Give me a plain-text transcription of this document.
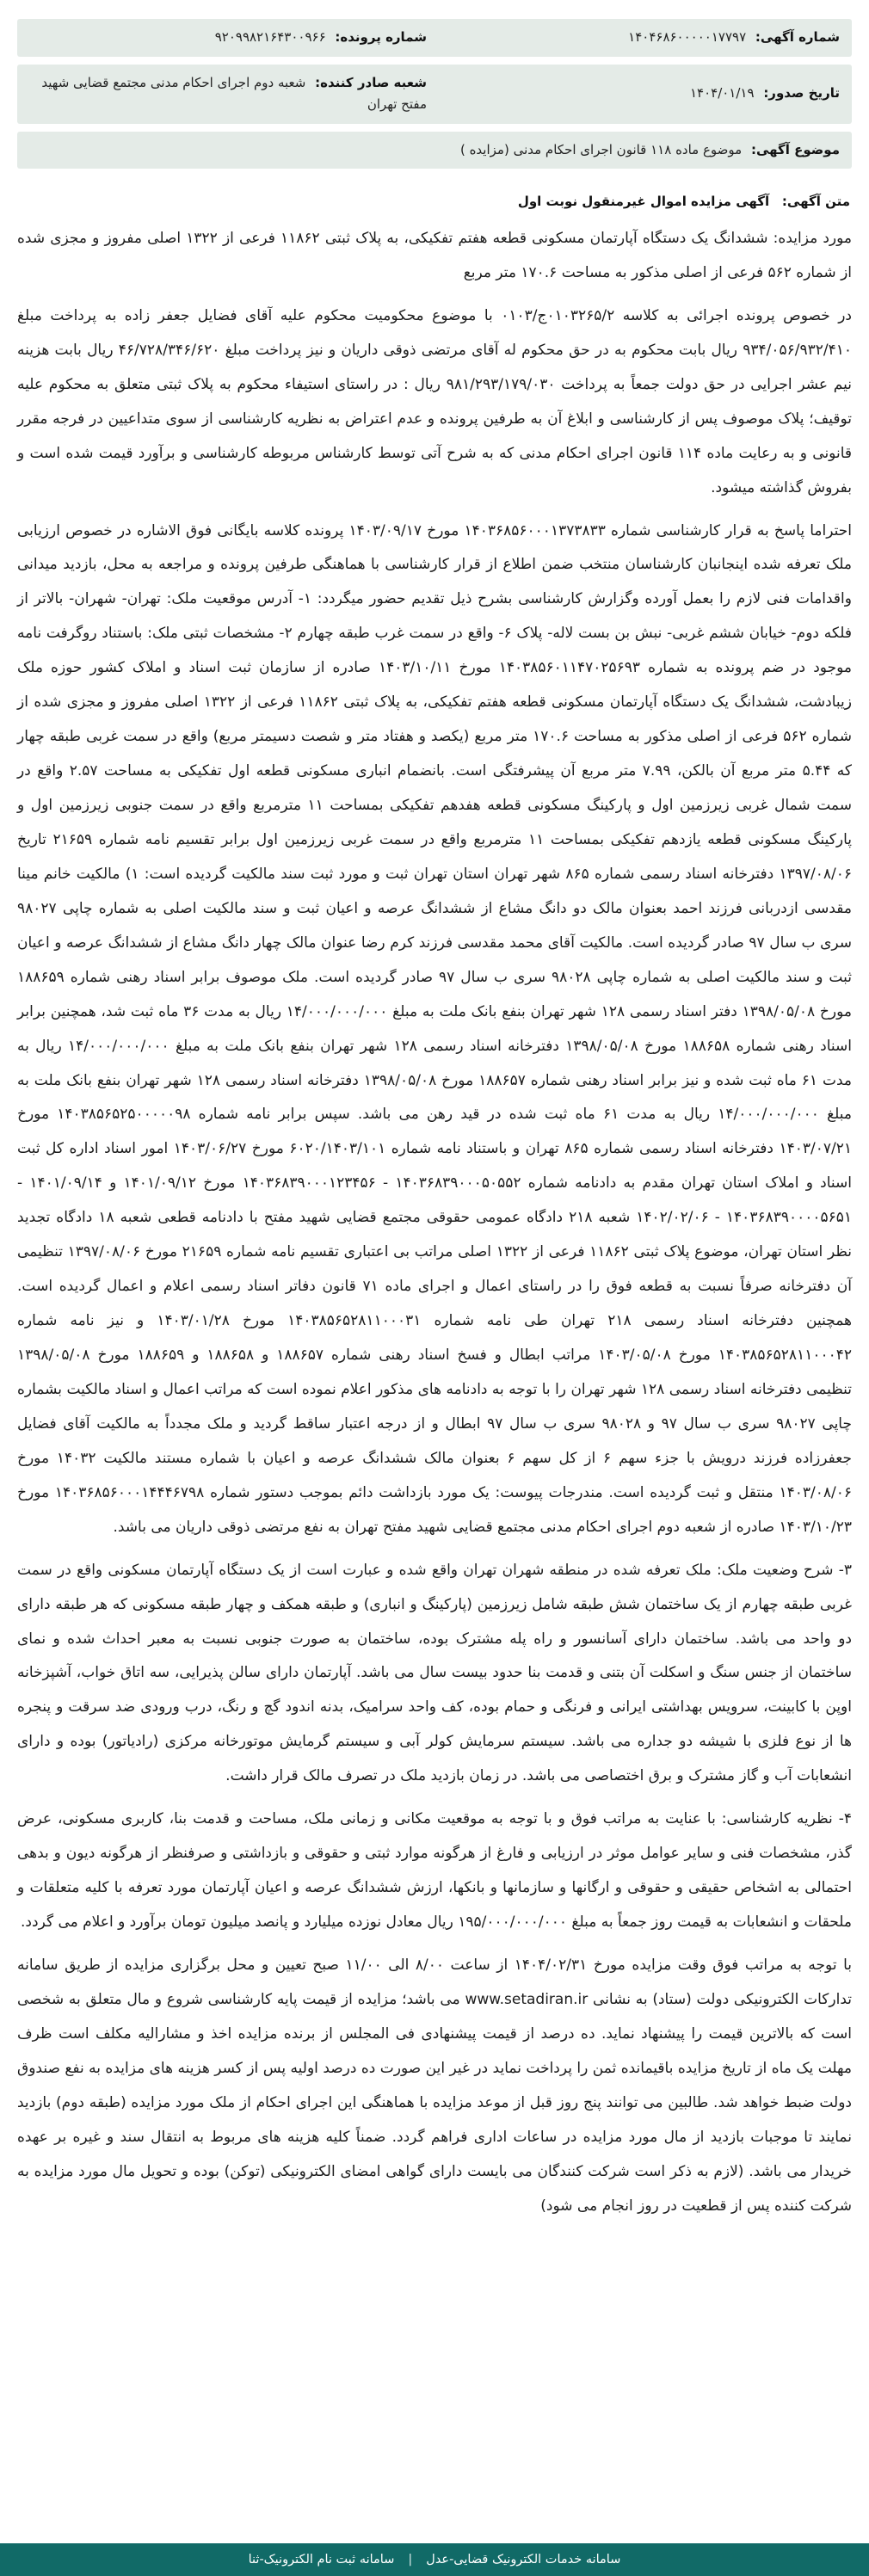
شماره آگهی: ۱۴۰۴۶۸۶۰۰۰۰۰۱۷۷۹۷
شماره پرونده: ۹۲۰۹۹۸۲۱۶۴۳۰۰۹۶۶
تاریخ صدور: ۱۴۰۴/۰۱/۱۹
شعبه صادر کننده: شعبه دوم اجرای احکام مدنی مجتمع قضایی شهید مفتح تهران
موضوع آگهی: موضوع ماده ۱۱۸ قانون اجرای احکام مدنی (مزایده )
متن آگهی: آگهی مزایده اموال غیرمنقول نوبت اول

مورد مزایده: ششدانگ یک دستگاه آپارتمان مسکونی قطعه هفتم تفکیکی، به پلاک ثبتی ۱۱۸۶۲ فرعی از ۱۳۲۲ اصلی مفروز و مجزی شده از شماره ۵۶۲ فرعی از اصلی مذکور به مساحت ۱۷۰.۶ متر مربع

در خصوص پرونده اجرائی به کلاسه ۰۱۰۳۲۶۵/۲ج/۰۱۰۳ با موضوع محکومیت محکوم علیه آقای فضایل جعفر زاده به پرداخت مبلغ ۹۳۴/۰۵۶/۹۳۲/۴۱۰ ریال بابت محکوم به در حق محکوم له آقای مرتضی ذوقی داریان و نیز پرداخت مبلغ ۴۶/۷۲۸/۳۴۶/۶۲۰ ریال بابت هزینه نیم عشر اجرایی در حق دولت جمعاً به پرداخت ۹۸۱/۲۹۳/۱۷۹/۰۳۰ ریال : در راستای استیفاء محکوم به پلاک ثبتی متعلق به محکوم علیه توقیف؛ پلاک موصوف پس از کارشناسی و ابلاغ آن به طرفین پرونده و عدم اعتراض به نظریه کارشناسی از سوی متداعیین در فرجه مقرر قانونی و به رعایت ماده ۱۱۴ قانون اجرای احکام مدنی که به شرح آتی توسط کارشناس مربوطه کارشناسی و برآورد قیمت شده است و بفروش گذاشته میشود.

احتراما پاسخ به قرار کارشناسی شماره ۱۴۰۳۶۸۵۶۰۰۰۱۳۷۳۸۳۳ مورخ ۱۴۰۳/۰۹/۱۷ پرونده کلاسه بایگانی فوق الاشاره در خصوص ارزیابی ملک تعرفه شده اینجانبان کارشناسان منتخب ضمن اطلاع از قرار کارشناسی با هماهنگی طرفین پرونده و مراجعه به محل، بازدید میدانی واقدامات فنی لازم را بعمل آورده وگزارش کارشناسی بشرح ذیل تقدیم حضور میگردد: ۱- آدرس موقعیت ملک: تهران- شهران- بالاتر از فلکه دوم- خیابان ششم غربی- نبش بن بست لاله- پلاک ۶- واقع در سمت غرب طبقه چهارم ۲- مشخصات ثبتی ملک: باستناد روگرفت نامه موجود در ضم پرونده به شماره ۱۴۰۳۸۵۶۰۱۱۴۷۰۲۵۶۹۳ مورخ ۱۴۰۳/۱۰/۱۱ صادره از سازمان ثبت اسناد و املاک کشور حوزه ملک زیبادشت، ششدانگ یک دستگاه آپارتمان مسکونی قطعه هفتم تفکیکی، به پلاک ثبتی ۱۱۸۶۲ فرعی از ۱۳۲۲ اصلی مفروز و مجزی شده از شماره ۵۶۲ فرعی از اصلی مذکور به مساحت ۱۷۰.۶ متر مربع (یکصد و هفتاد متر و شصت دسیمتر مربع) واقع در سمت غربی طبقه چهار که ۵.۴۴ متر مربع آن بالکن، ۷.۹۹ متر مربع آن پیشرفتگی است. بانضمام انباری مسکونی قطعه اول تفکیکی به مساحت ۲.۵۷ واقع در سمت شمال غربی زیرزمین اول و پارکینگ مسکونی قطعه هفدهم تفکیکی بمساحت ۱۱ مترمربع واقع در سمت جنوبی زیرزمین اول و پارکینگ مسکونی قطعه یازدهم تفکیکی بمساحت ۱۱ مترمربع واقع در سمت غربی زیرزمین اول برابر تقسیم نامه شماره ۲۱۶۵۹ تاریخ ۱۳۹۷/۰۸/۰۶ دفترخانه اسناد رسمی شماره ۸۶۵ شهر تهران استان تهران ثبت و مورد ثبت سند مالکیت گردیده است: ۱) مالکیت خانم مینا مقدسی ازدربانی فرزند احمد بعنوان مالک دو دانگ مشاع از ششدانگ عرصه و اعیان ثبت و سند مالکیت اصلی به شماره چاپی ۹۸۰۲۷ سری ب سال ۹۷ صادر گردیده است. مالکیت آقای محمد مقدسی فرزند کرم رضا عنوان مالک چهار دانگ مشاع از ششدانگ عرصه و اعیان ثبت و سند مالکیت اصلی به شماره چاپی ۹۸۰۲۸ سری ب سال ۹۷ صادر گردیده است. ملک موصوف برابر اسناد رهنی شماره ۱۸۸۶۵۹ مورخ ۱۳۹۸/۰۵/۰۸ دفتر اسناد رسمی ۱۲۸ شهر تهران بنفع بانک ملت به مبلغ ۱۴/۰۰۰/۰۰۰/۰۰۰ ریال به مدت ۳۶ ماه ثبت شد، همچنین برابر اسناد رهنی شماره ۱۸۸۶۵۸ مورخ ۱۳۹۸/۰۵/۰۸ دفترخانه اسناد رسمی ۱۲۸ شهر تهران بنفع بانک ملت به مبلغ ۱۴/۰۰۰/۰۰۰/۰۰۰ ریال به مدت ۶۱ ماه ثبت شده و نیز برابر اسناد رهنی شماره ۱۸۸۶۵۷ مورخ ۱۳۹۸/۰۵/۰۸ دفترخانه اسناد رسمی ۱۲۸ شهر تهران بنفع بانک ملت به مبلغ ۱۴/۰۰۰/۰۰۰/۰۰۰ ریال به مدت ۶۱ ماه ثبت شده در قید رهن می باشد. سپس برابر نامه شماره ۱۴۰۳۸۵۶۵۲۵۰۰۰۰۰۹۸ مورخ ۱۴۰۳/۰۷/۲۱ دفترخانه اسناد رسمی شماره ۸۶۵ تهران و باستناد نامه شماره ۶۰۲۰/۱۴۰۳/۱۰۱ مورخ ۱۴۰۳/۰۶/۲۷ امور اسناد اداره کل ثبت اسناد و املاک استان تهران مقدم به دادنامه شماره ۱۴۰۳۶۸۳۹۰۰۰۵۰۵۵۲ - ۱۴۰۳۶۸۳۹۰۰۰۱۲۳۴۵۶ مورخ ۱۴۰۱/۰۹/۱۲ و ۱۴۰۱/۰۹/۱۴ - ۱۴۰۳۶۸۳۹۰۰۰۰۵۶۵۱ - ۱۴۰۲/۰۲/۰۶ شعبه ۲۱۸ دادگاه عمومی حقوقی مجتمع قضایی شهید مفتح با دادنامه قطعی شعبه ۱۸ دادگاه تجدید نظر استان تهران، موضوع پلاک ثبتی ۱۱۸۶۲ فرعی از ۱۳۲۲ اصلی مراتب بی اعتباری تقسیم نامه شماره ۲۱۶۵۹ مورخ ۱۳۹۷/۰۸/۰۶ تنظیمی آن دفترخانه صرفاً نسبت به قطعه فوق را در راستای اعمال و اجرای ماده ۷۱ قانون دفاتر اسناد رسمی اعلام و اعمال گردیده است. همچنین دفترخانه اسناد رسمی ۲۱۸ تهران طی نامه شماره ۱۴۰۳۸۵۶۵۲۸۱۱۰۰۰۳۱ مورخ ۱۴۰۳/۰۱/۲۸ و نیز نامه شماره ۱۴۰۳۸۵۶۵۲۸۱۱۰۰۰۴۲ مورخ ۱۴۰۳/۰۵/۰۸ مراتب ابطال و فسخ اسناد رهنی شماره ۱۸۸۶۵۷ و ۱۸۸۶۵۸ و ۱۸۸۶۵۹ مورخ ۱۳۹۸/۰۵/۰۸ تنظیمی دفترخانه اسناد رسمی ۱۲۸ شهر تهران را با توجه به دادنامه های مذکور اعلام نموده است که مراتب اعمال و اسناد مالکیت بشماره چاپی ۹۸۰۲۷ سری ب سال ۹۷ و ۹۸۰۲۸ سری ب سال ۹۷ ابطال و از درجه اعتبار ساقط گردید و ملک مجدداً به مالکیت آقای فضایل جعفرزاده فرزند درویش با جزء سهم ۶ از کل سهم ۶ بعنوان مالک ششدانگ عرصه و اعیان با شماره مستند مالکیت ۱۴۰۳۲ مورخ ۱۴۰۳/۰۸/۰۶ منتقل و ثبت گردیده است. مندرجات پیوست: یک مورد بازداشت دائم بموجب دستور شماره ۱۴۰۳۶۸۵۶۰۰۰۱۴۴۴۶۷۹۸ مورخ ۱۴۰۳/۱۰/۲۳ صادره از شعبه دوم اجرای احکام مدنی مجتمع قضایی شهید مفتح تهران به نفع مرتضی ذوقی داریان می باشد.

۳- شرح وضعیت ملک: ملک تعرفه شده در منطقه شهران تهران واقع شده و عبارت است از یک دستگاه آپارتمان مسکونی واقع در سمت غربی طبقه چهارم از یک ساختمان شش طبقه شامل زیرزمین (پارکینگ و انباری) و طبقه همکف و چهار طبقه مسکونی که هر طبقه دارای دو واحد می باشد. ساختمان دارای آسانسور و راه پله مشترک بوده، ساختمان به صورت جنوبی نسبت به معبر احداث شده و نمای ساختمان از جنس سنگ و اسکلت آن بتنی و قدمت بنا حدود بیست سال می باشد. آپارتمان دارای سالن پذیرایی، سه اتاق خواب، آشپزخانه اوپن با کابینت، سرویس بهداشتی ایرانی و فرنگی و حمام بوده، کف واحد سرامیک، بدنه اندود گچ و رنگ، درب ورودی ضد سرقت و پنجره ها از نوع فلزی با شیشه دو جداره می باشد. سیستم سرمایش کولر آبی و سیستم گرمایش موتورخانه مرکزی (رادیاتور) بوده و دارای انشعابات آب و گاز مشترک و برق اختصاصی می باشد. در زمان بازدید ملک در تصرف مالک قرار داشت.

۴- نظریه کارشناسی: با عنایت به مراتب فوق و با توجه به موقعیت مکانی و زمانی ملک، مساحت و قدمت بنا، کاربری مسکونی، عرض گذر، مشخصات فنی و سایر عوامل موثر در ارزیابی و فارغ از هرگونه موارد ثبتی و حقوقی و بازداشتی و صرفنظر از هرگونه دیون و بدهی احتمالی به اشخاص حقیقی و حقوقی و ارگانها و سازمانها و بانکها، ارزش ششدانگ عرصه و اعیان آپارتمان مورد تعرفه با کلیه متعلقات و ملحقات و انشعابات به قیمت روز جمعاً به مبلغ ۱۹۵/۰۰۰/۰۰۰/۰۰۰ ریال معادل نوزده میلیارد و پانصد میلیون تومان برآورد و اعلام می گردد.

با توجه به مراتب فوق وقت مزایده مورخ ۱۴۰۴/۰۲/۳۱ از ساعت ۸/۰۰ الی ۱۱/۰۰ صبح تعیین و محل برگزاری مزایده از طریق سامانه تدارکات الکترونیکی دولت (ستاد) به نشانی www.setadiran.ir می باشد؛ مزایده از قیمت پایه کارشناسی شروع و مال متعلق به شخصی است که بالاترین قیمت را پیشنهاد نماید. ده درصد از قیمت پیشنهادی فی المجلس از برنده مزایده اخذ و مشارالیه مکلف است ظرف مهلت یک ماه از تاریخ مزایده باقیمانده ثمن را پرداخت نماید در غیر این صورت ده درصد اولیه پس از کسر هزینه های مزایده به نفع صندوق دولت ضبط خواهد شد. طالبین می توانند پنج روز قبل از موعد مزایده با هماهنگی این اجرای احکام از ملک مورد مزایده (طبقه دوم) بازدید نمایند تا موجبات بازدید از مال مورد مزایده در ساعات اداری فراهم گردد. ضمناً کلیه هزینه های مربوط به انتقال سند و غیره بر عهده خریدار می باشد. (لازم به ذکر است شرکت کنندگان می بایست دارای گواهی امضای الکترونیکی (توکن) بوده و تحویل مال مورد مزایده به شرکت کننده پس از قطعیت در روز انجام می شود)

سامانه خدمات الکترونیک قضایی-عدل
|
سامانه ثبت نام الکترونیک-ثنا
